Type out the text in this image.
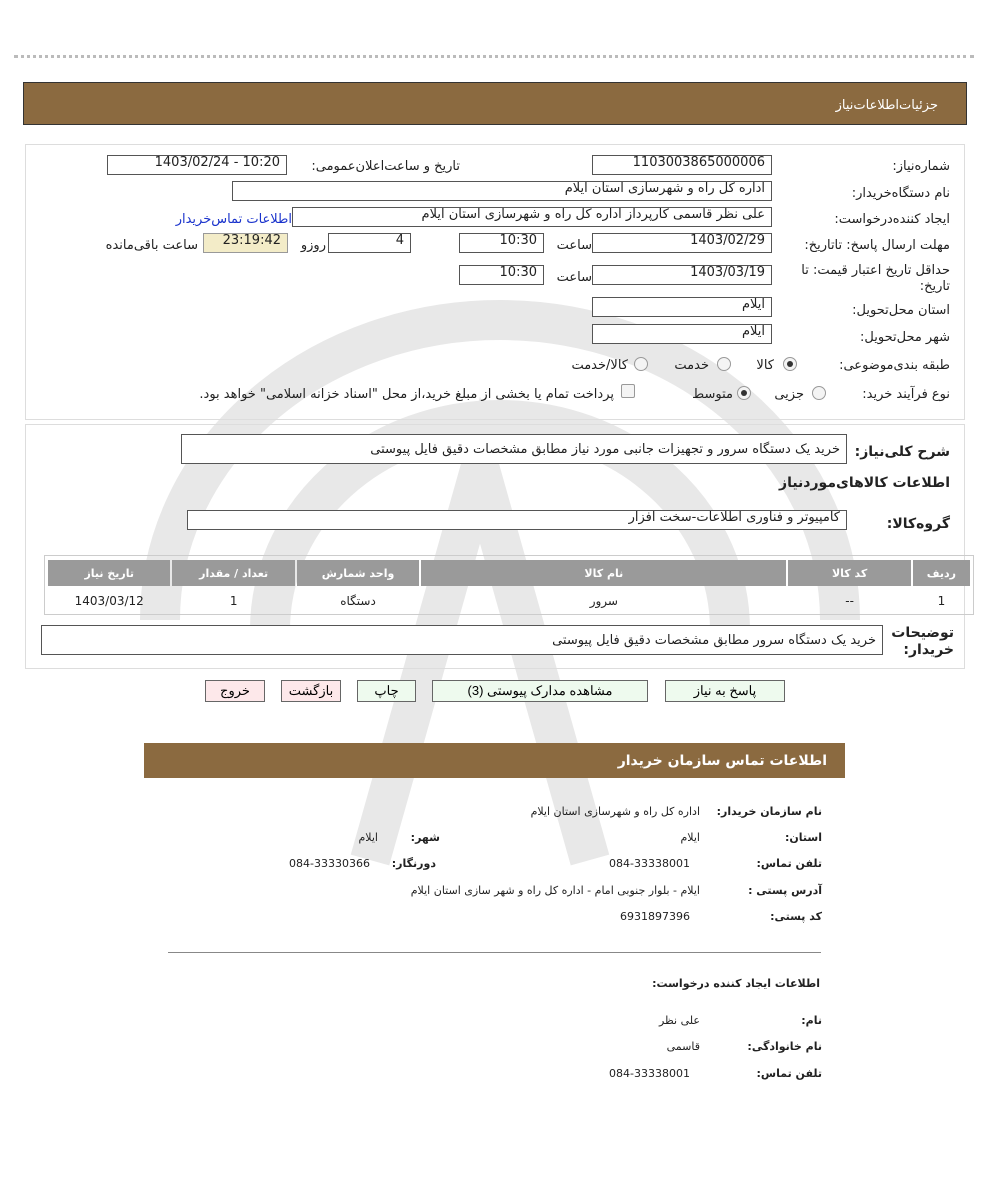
جزئیات‌اطلاعات‌نیاز
شماره‌نیاز:
1103003865000006
تاریخ و ساعت‌اعلان‌عمومی:
1403/02/24 - 10:20
نام دستگاه‌خریدار:
اداره کل راه و شهرسازی استان ایلام
ایجاد کننده‌درخواست:
علی نظر قاسمی کارپرداز اداره کل راه و شهرسازی استان ایلام
اطلاعات تماس‌خریدار
مهلت ارسال پاسخ: تاتاریخ:
1403/02/29
ساعت
10:30
4
روزو
23:19:42
ساعت باقی‌مانده
حداقل تاریخ اعتبار قیمت: تا تاریخ:
1403/03/19
ساعت
10:30
استان محل‌تحویل:
ایلام
شهر محل‌تحویل:
ایلام
طبقه بندی‌موضوعی:
کالا
خدمت
کالا/خدمت
نوع فرآیند خرید:
جزیی
متوسط
پرداخت تمام یا بخشی از مبلغ خرید،از محل "اسناد خزانه اسلامی" خواهد بود.
شرح کلی‌نیاز:
خرید یک دستگاه سرور و تجهیزات جانبی مورد نیاز مطابق مشخصات دقیق فایل پیوستی
اطلاعات کالاهای‌مورد‌نیاز
گروه‌کالا:
کامپیوتر و فناوری اطلاعات-سخت افزار
ردیف	کد کالا	نام کالا	واحد شمارش	تعداد / مقدار	تاریخ نیاز
1	--	سرور	دستگاه	1	1403/03/12
توضیحات خریدار:
خرید یک دستگاه سرور مطابق مشخصات دقیق فایل پیوستی
پاسخ به نیاز
مشاهده مدارک پیوستی (3)
چاپ
بازگشت
خروج
اطلاعات تماس سازمان خریدار
نام سازمان خریدار:
اداره کل راه و شهرسازی استان ایلام
استان:
ایلام
شهر:
ایلام
تلفن تماس:
084-33338001
دورنگار:
084-33330366
آدرس پستی :
ایلام - بلوار جنوبی امام - اداره کل راه و شهر سازی استان ایلام
کد پستی:
6931897396
اطلاعات ایجاد کننده درخواست:
نام:
علی نظر
نام خانوادگی:
قاسمی
تلفن تماس:
084-33338001
